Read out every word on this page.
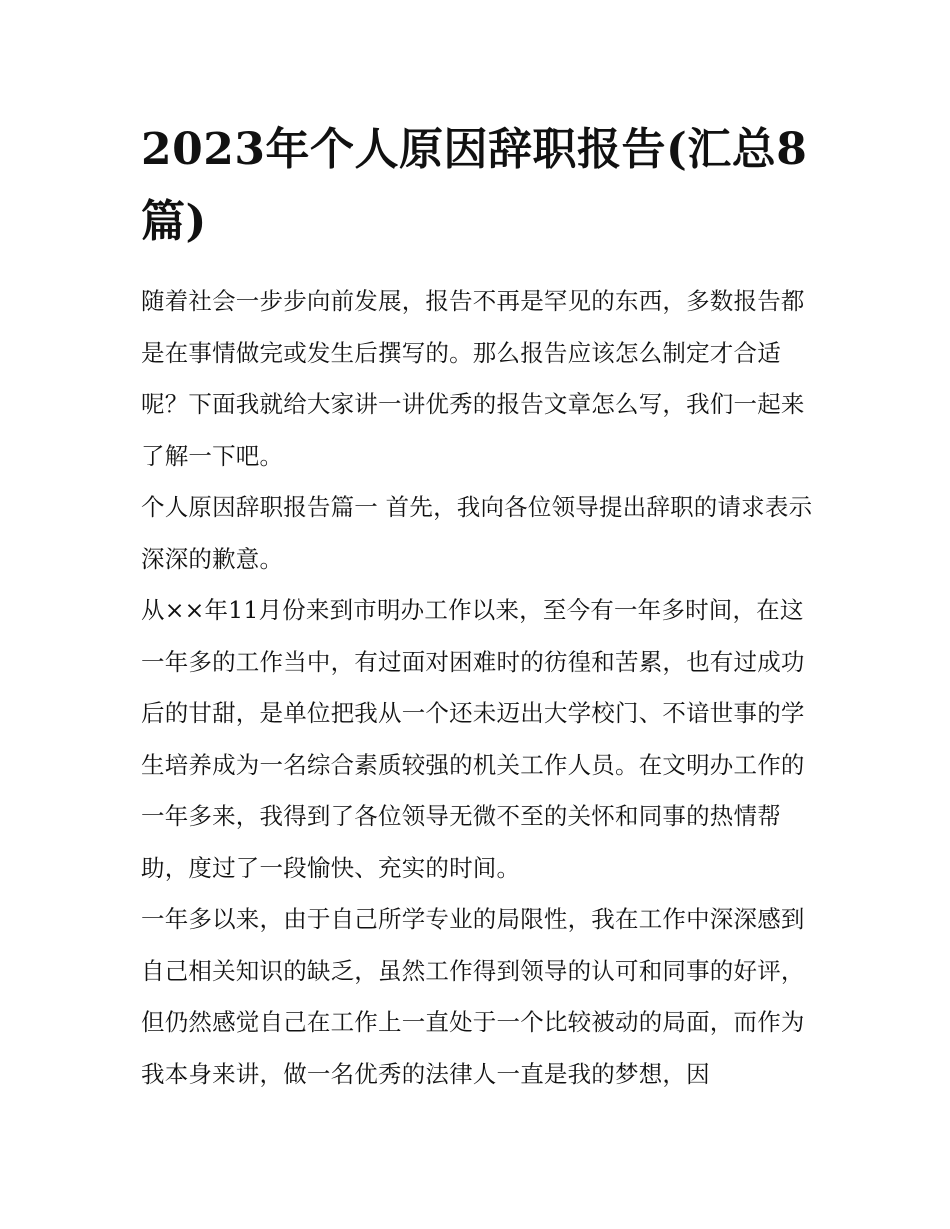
2023年个人原因辞职报告(汇总8篇)

随着社会一步步向前发展，报告不再是罕见的东西，多数报告都是在事情做完或发生后撰写的。那么报告应该怎么制定才合适呢？下面我就给大家讲一讲优秀的报告文章怎么写，我们一起来了解一下吧。

个人原因辞职报告篇一 首先，我向各位领导提出辞职的请求表示深深的歉意。

从××年11月份来到市明办工作以来，至今有一年多时间，在这一年多的工作当中，有过面对困难时的彷徨和苦累，也有过成功后的甘甜，是单位把我从一个还未迈出大学校门、不谙世事的学生培养成为一名综合素质较强的机关工作人员。在文明办工作的一年多来，我得到了各位领导无微不至的关怀和同事的热情帮助，度过了一段愉快、充实的时间。

一年多以来，由于自己所学专业的局限性，我在工作中深深感到自己相关知识的缺乏，虽然工作得到领导的认可和同事的好评，但仍然感觉自己在工作上一直处于一个比较被动的局面，而作为我本身来讲，做一名优秀的法律人一直是我的梦想，因
